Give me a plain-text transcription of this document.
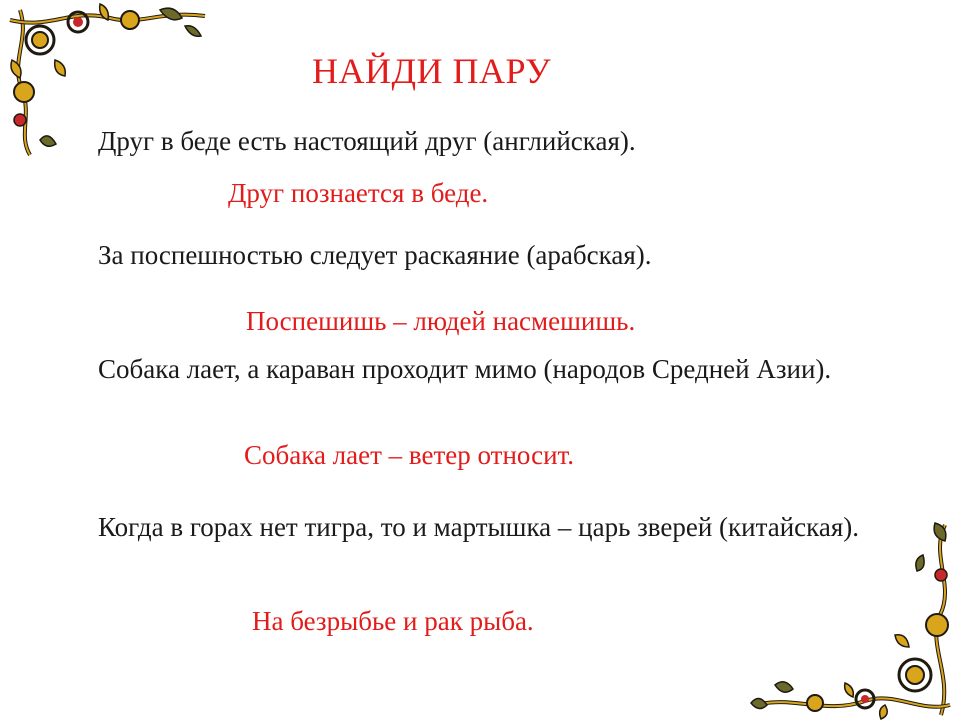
НАЙДИ ПАРУ
Друг в беде есть настоящий друг (английская).
Друг познается в беде.
За поспешностью следует раскаяние (арабская).
Поспешишь – людей насмешишь.
Собака лает, а караван проходит мимо (народов Средней Азии).
Собака лает – ветер относит.
Когда в горах нет тигра, то и мартышка – царь зверей (китайская).
На безрыбье и рак рыба.
